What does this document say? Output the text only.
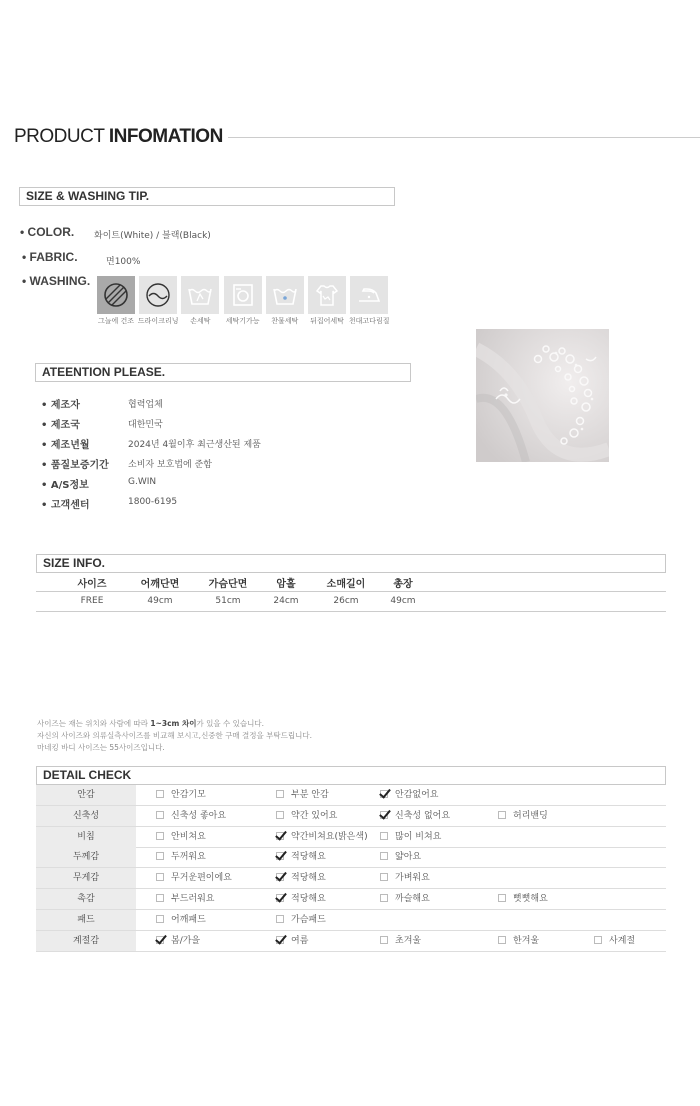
PRODUCT INFOMATION
SIZE & WASHING TIP.
• COLOR. 화이트(White) / 블랙(Black)
• FABRIC.	면100%
• WASHING.
그늘에 건조 드라이크리닝	손세탁	세탁기가능	찬물세탁	뒤집어세탁 천대고다림질
ATEENTION PLEASE.
• 제조자	협력업체
• 제조국	대한민국
• 제조년월	2024년 4월이후 최근생산된 제품
• 품질보증기간 소비자 보호법에 준함
• A/S정보	G.WIN
• 고객센터	1800-6195
SIZE INFO.
사이즈	어깨단면	가슴단면	암홀	소매길이	총장
FREE	49cm	51cm	24cm	26cm	49cm
사이즈는 재는 위치와 사람에 따라 1~3cm 차이가 있을 수 있습니다.
자신의 사이즈와 의류실측사이즈를 비교해 보시고,신중한 구매 결정을 부탁드립니다.
마네킹 바디 사이즈는 55사이즈입니다.
DETAIL CHECK
안감	안감기모	부분 안감	안감없어요
신축성	신축성 좋아요	약간 있어요	신축성 없어요	허리밴딩
비침	안비쳐요	약간비쳐요(밝은색)	많이 비쳐요
두께감	두꺼워요	적당해요	얇아요
무게감	무거운편이에요	적당해요	가벼워요
촉감	부드러워요	적당해요	까슬해요	뻣뻣해요
패드	어깨패드	가슴패드
계절감	봄/가을	여름	초겨울	한겨울	사계절
